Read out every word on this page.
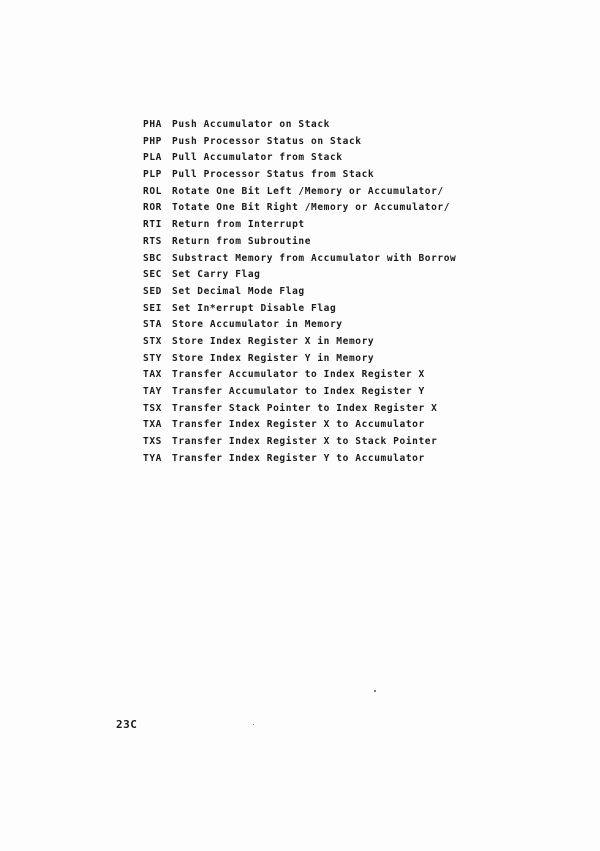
PHA Push Accumulator on Stack
PHP Push Processor Status on Stack
PLA Pull Accumulator from Stack
PLP Pull Processor Status from Stack
ROL Rotate One Bit Left /Memory or Accumulator/
ROR Totate One Bit Right /Memory or Accumulator/
RTI Return from Interrupt
RTS Return from Subroutine
SBC Substract Memory from Accumulator with Borrow
SEC Set Carry Flag
SED Set Decimal Mode Flag
SEI Set In*errupt Disable Flag
STA Store Accumulator in Memory
STX Store Index Register X in Memory
STY Store Index Register Y in Memory
TAX Transfer Accumulator to Index Register X
TAY Transfer Accumulator to Index Register Y
TSX Transfer Stack Pointer to Index Register X
TXA Transfer Index Register X to Accumulator
TXS Transfer Index Register X to Stack Pointer
TYA Transfer Index Register Y to Accumulator
23C
